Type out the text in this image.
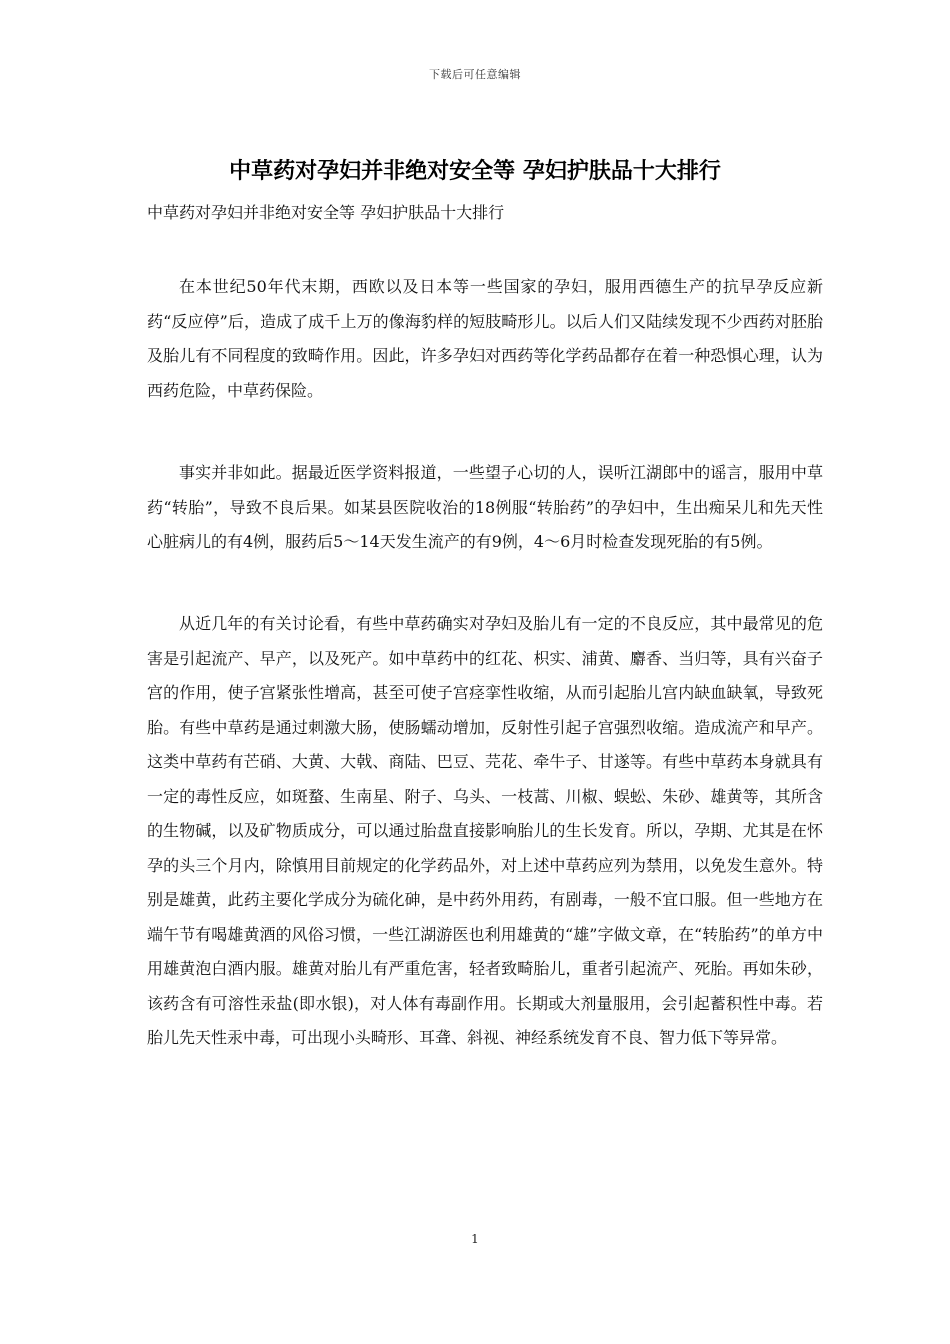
下载后可任意编辑
中草药对孕妇并非绝对安全等 孕妇护肤品十大排行
中草药对孕妇并非绝对安全等 孕妇护肤品十大排行

在本世纪50年代末期，西欧以及日本等一些国家的孕妇，服用西德生产的抗早孕反应新药“反应停”后，造成了成千上万的像海豹样的短肢畸形儿。以后人们又陆续发现不少西药对胚胎及胎儿有不同程度的致畸作用。因此，许多孕妇对西药等化学药品都存在着一种恐惧心理，认为西药危险，中草药保险。

事实并非如此。据最近医学资料报道，一些望子心切的人，误听江湖郎中的谣言，服用中草药“转胎”，导致不良后果。如某县医院收治的18例服“转胎药”的孕妇中，生出痴呆儿和先天性心脏病儿的有4例，服药后5～14天发生流产的有9例，4～6月时检查发现死胎的有5例。

从近几年的有关讨论看，有些中草药确实对孕妇及胎儿有一定的不良反应，其中最常见的危害是引起流产、早产，以及死产。如中草药中的红花、枳实、浦黄、麝香、当归等，具有兴奋子宫的作用，使子宫紧张性增高，甚至可使子宫痉挛性收缩，从而引起胎儿宫内缺血缺氧，导致死胎。有些中草药是通过刺激大肠，使肠蠕动增加，反射性引起子宫强烈收缩。造成流产和早产。这类中草药有芒硝、大黄、大戟、商陆、巴豆、芫花、牵牛子、甘遂等。有些中草药本身就具有一定的毒性反应，如斑蝥、生南星、附子、乌头、一枝蒿、川椒、蜈蚣、朱砂、雄黄等，其所含的生物碱，以及矿物质成分，可以通过胎盘直接影响胎儿的生长发育。所以，孕期、尤其是在怀孕的头三个月内，除慎用目前规定的化学药品外，对上述中草药应列为禁用，以免发生意外。特别是雄黄，此药主要化学成分为硫化砷，是中药外用药，有剧毒，一般不宜口服。但一些地方在端午节有喝雄黄酒的风俗习惯，一些江湖游医也利用雄黄的“雄”字做文章，在“转胎药”的单方中用雄黄泡白酒内服。雄黄对胎儿有严重危害，轻者致畸胎儿，重者引起流产、死胎。再如朱砂，该药含有可溶性汞盐(即水银)，对人体有毒副作用。长期或大剂量服用，会引起蓄积性中毒。若胎儿先天性汞中毒，可出现小头畸形、耳聋、斜视、神经系统发育不良、智力低下等异常。

1
